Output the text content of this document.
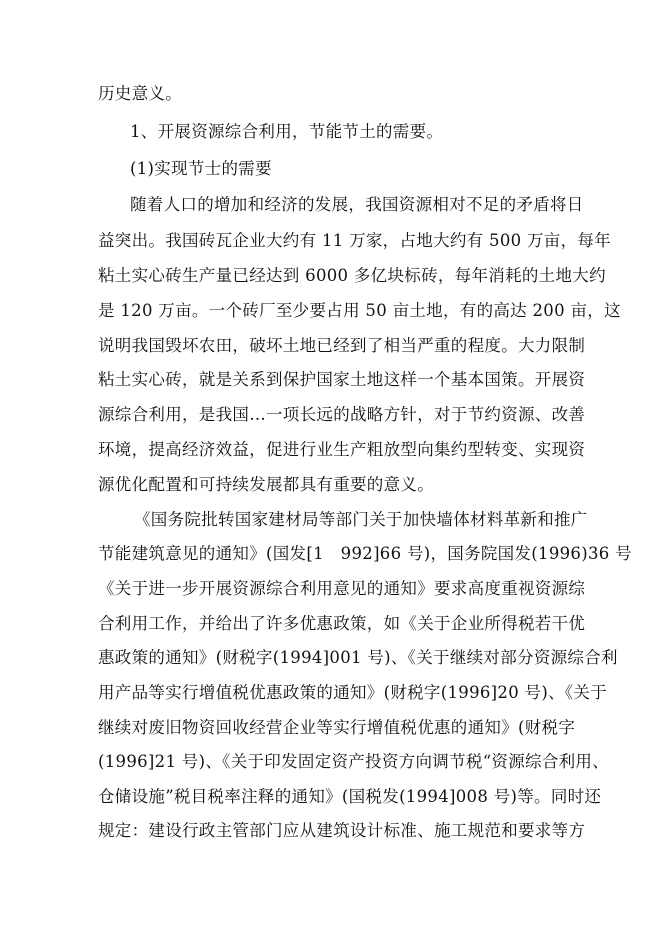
历史意义。
1、开展资源综合利用，节能节土的需要。
(1)实现节士的需要
随着人口的增加和经济的发展，我国资源相对不足的矛盾将日
益突出。我国砖瓦企业大约有 11 万家，占地大约有 500 万亩，每年
粘土实心砖生产量已经达到 6000 多亿块标砖，每年消耗的土地大约
是 120 万亩。一个砖厂至少要占用 50 亩土地，有的高达 200 亩，这
说明我国毁坏农田，破坏土地已经到了相当严重的程度。大力限制
粘土实心砖，就是关系到保护国家土地这样一个基本国策。开展资
源综合利用，是我国…一项长远的战略方针，对于节约资源、改善
环境，提高经济效益，促进行业生产粗放型向集约型转变、实现资
源优化配置和可持续发展都具有重要的意义。
《国务院批转国家建材局等部门关于加快墙体材料革新和推广
节能建筑意见的通知》(国发[1　992]66 号)，国务院国发(1996)36 号
《关于进一步开展资源综合利用意见的通知》要求高度重视资源综
合利用工作，并给出了许多优惠政策，如《关于企业所得税若干优
惠政策的通知》(财税字(1994]001 号)、《关于继续对部分资源综合利
用产品等实行增值税优惠政策的通知》(财税字(1996]20 号)、《关于
继续对废旧物资回收经营企业等实行增值税优惠的通知》(财税字
(1996]21 号)、《关于印发固定资产投资方向调节税“资源综合利用、
仓储设施”税目税率注释的通知》(国税发(1994]008 号)等。同时还
规定：建设行政主管部门应从建筑设计标准、施工规范和要求等方
